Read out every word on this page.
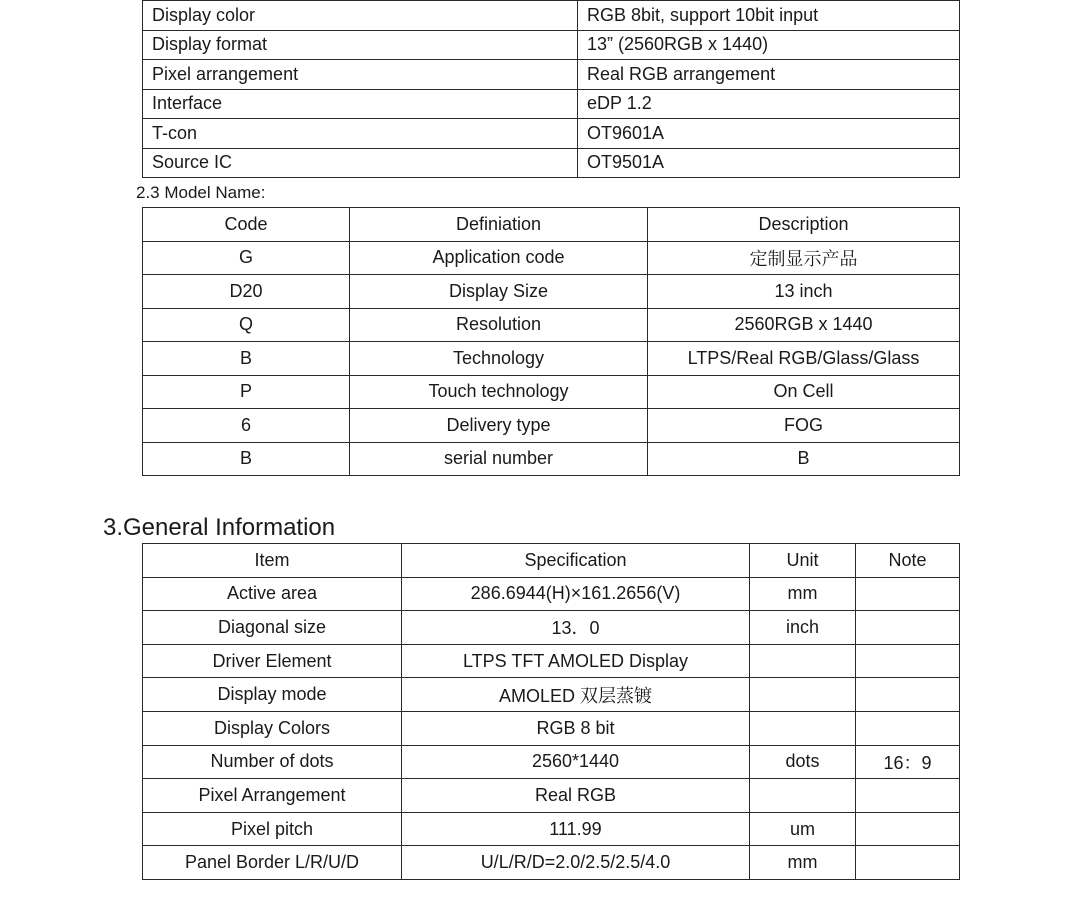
Display color	RGB 8bit, support 10bit input
Display format	13” (2560RGB x 1440)
Pixel arrangement	Real RGB arrangement
Interface	eDP 1.2
T-con	OT9601A
Source IC	OT9501A
2.3 Model Name:
Code	Definiation	Description
G	Application code	定制显示产品
D20	Display Size	13 inch
Q	Resolution	2560RGB x 1440
B	Technology	LTPS/Real RGB/Glass/Glass
P	Touch technology	On Cell
6	Delivery type	FOG
B	serial number	B
3.General Information
Item	Specification	Unit	Note
Active area	286.6944(H)×161.2656(V)	mm	
Diagonal size	13．0	inch	
Driver Element	LTPS TFT AMOLED Display		
Display mode	AMOLED 双层蒸镀		
Display Colors	RGB 8 bit		
Number of dots	2560*1440	dots	16：9
Pixel Arrangement	Real RGB		
Pixel pitch	111.99	um	
Panel Border L/R/U/D	U/L/R/D=2.0/2.5/2.5/4.0	mm	
